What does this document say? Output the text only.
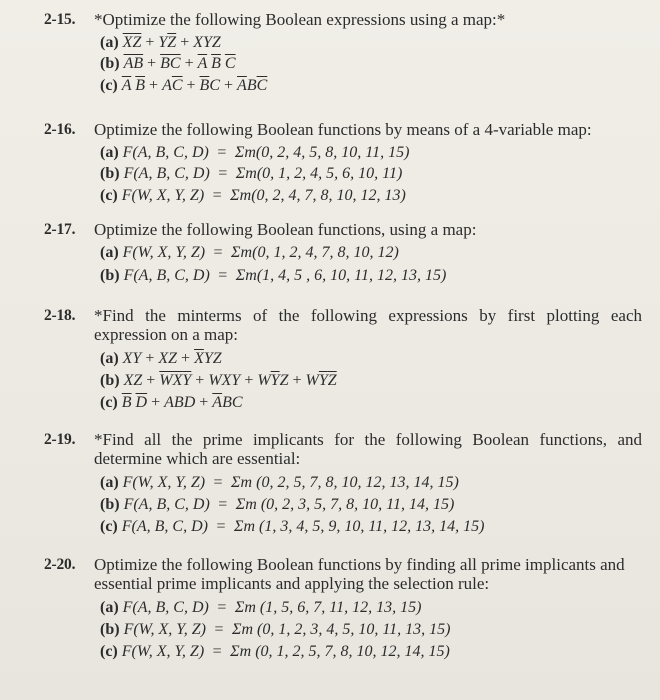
2-15. *Optimize the following Boolean expressions using a map:*
(a) $\overline{X}\overline{Z} + Y\overline{Z}$ + XYZ
(b) $\overline{AB} + \overline{BC} + \overline{A}$ $\overline{B}$ $\overline{C}$
(c) $\overline{A}$ $\overline{B} + A\overline{C} + \overline{B}C + \overline{A}B\overline{C}$
2-16. Optimize the following Boolean functions by means of a 4-variable map:
(a) F(A, B, C, D) = Σm(0, 2, 4, 5, 8, 10, 11, 15)
(b) F(A, B, C, D) = Σm(0, 1, 2, 4, 5, 6, 10, 11)
(c) F(W, X, Y, Z) = Σm(0, 2, 4, 7, 8, 10, 12, 13)
2-17. Optimize the following Boolean functions, using a map:
(a) F(W, X, Y, Z) = Σm(0, 1, 2, 4, 7, 8, 10, 12)
(b) F(A, B, C, D) = Σm(1, 4, 5 , 6, 10, 11, 12, 13, 15)
2-18. *Find the minterms of the following expressions by first plotting each
expression on a map:
(a) XY + XZ + $\overline{X}YZ$
(b) XZ + $\overline{W}\overline{X}\overline{Y}$ + WXY + $W\overline{Y}Z + W\overline{Y}\overline{Z}$
(c) $\overline{B}$ $\overline{D}$ + ABD + $\overline{A}BC$
2-19. *Find all the prime implicants for the following Boolean functions, and
determine which are essential:
(a) F(W, X, Y, Z) = Σm (0, 2, 5, 7, 8, 10, 12, 13, 14, 15)
(b) F(A, B, C, D) = Σm (0, 2, 3, 5, 7, 8, 10, 11, 14, 15)
(c) F(A, B, C, D) = Σm (1, 3, 4, 5, 9, 10, 11, 12, 13, 14, 15)
2-20. Optimize the following Boolean functions by finding all prime implicants and
essential prime implicants and applying the selection rule:
(a) F(A, B, C, D) = Σm (1, 5, 6, 7, 11, 12, 13, 15)
(b) F(W, X, Y, Z) = Σm (0, 1, 2, 3, 4, 5, 10, 11, 13, 15)
(c) F(W, X, Y, Z) = Σm (0, 1, 2, 5, 7, 8, 10, 12, 14, 15)
